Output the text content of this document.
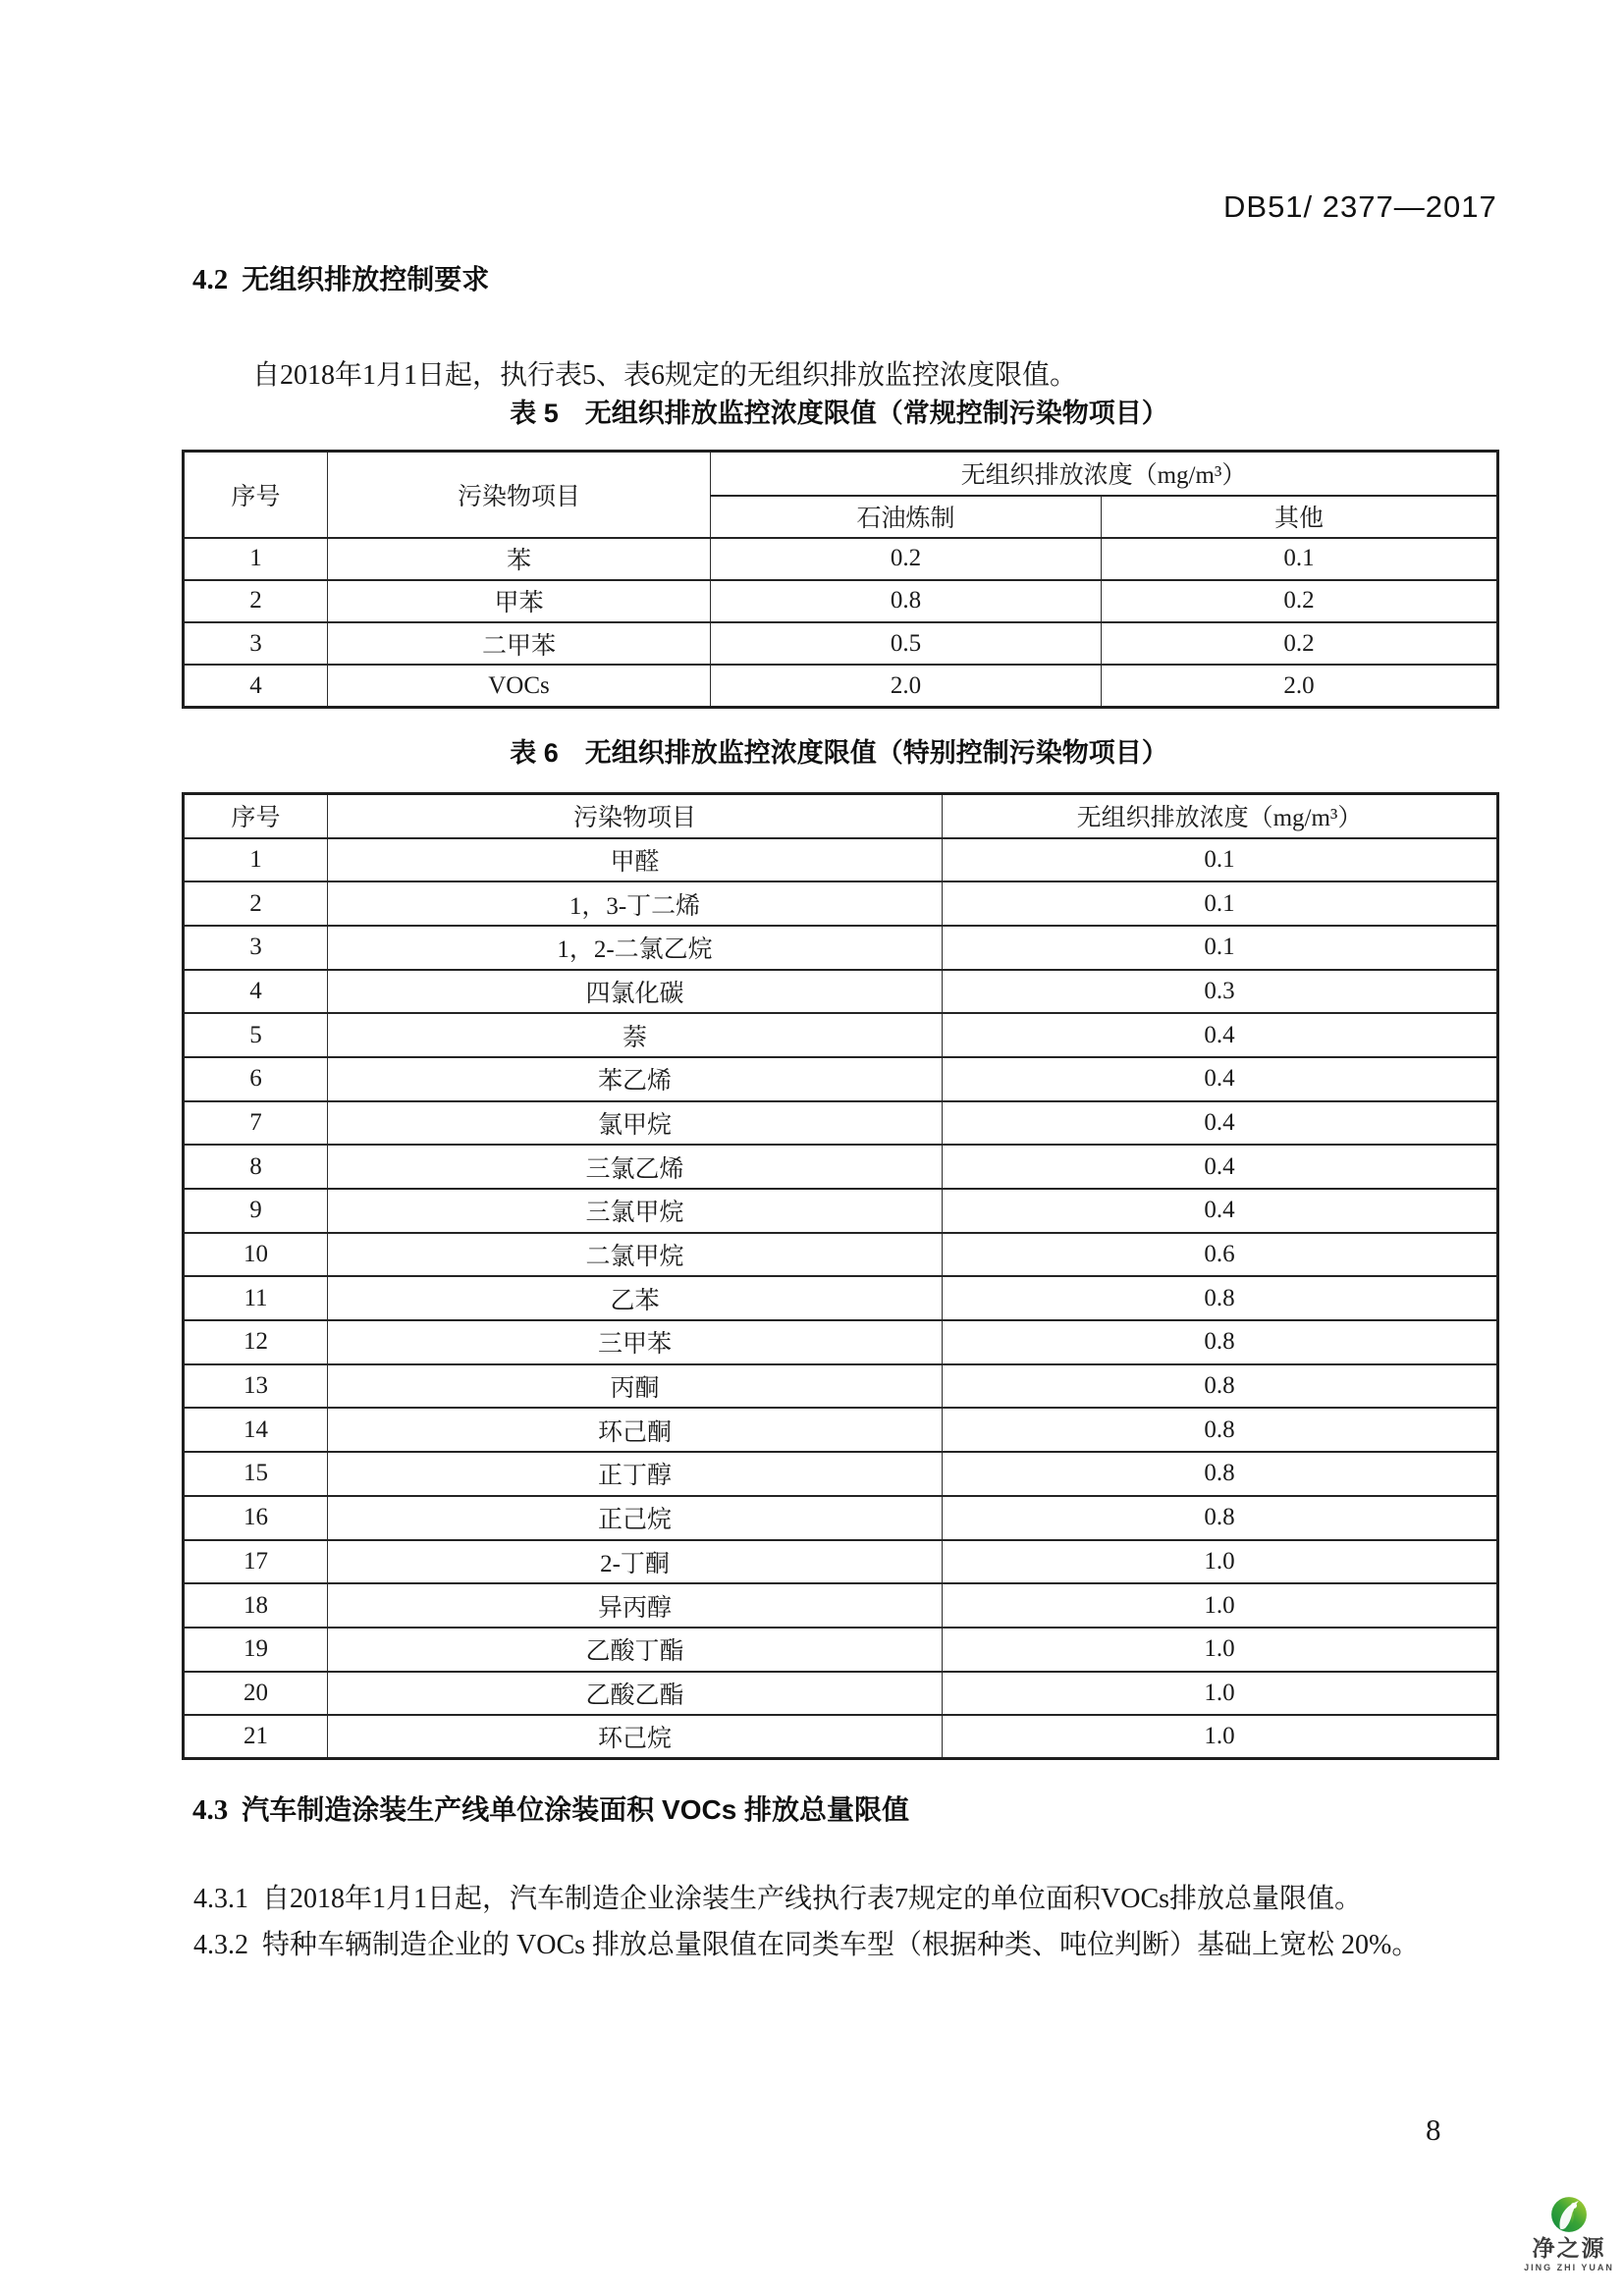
DB51/ 2377—2017
4.2 无组织排放控制要求

自2018年1月1日起，执行表5、表6规定的无组织排放监控浓度限值。

表 5　无组织排放监控浓度限值（常规控制污染物项目）
序号	污染物项目	无组织排放浓度（mg/m³）	
		石油炼制	其他
1	苯	0.2	0.1
2	甲苯	0.8	0.2
3	二甲苯	0.5	0.2
4	VOCs	2.0	2.0
表 6　无组织排放监控浓度限值（特别控制污染物项目）
序号	污染物项目	无组织排放浓度（mg/m³）
1	甲醛	0.1
2	1，3-丁二烯	0.1
3	1，2-二氯乙烷	0.1
4	四氯化碳	0.3
5	萘	0.4
6	苯乙烯	0.4
7	氯甲烷	0.4
8	三氯乙烯	0.4
9	三氯甲烷	0.4
10	二氯甲烷	0.6
11	乙苯	0.8
12	三甲苯	0.8
13	丙酮	0.8
14	环己酮	0.8
15	正丁醇	0.8
16	正己烷	0.8
17	2-丁酮	1.0
18	异丙醇	1.0
19	乙酸丁酯	1.0
20	乙酸乙酯	1.0
21	环己烷	1.0
4.3 汽车制造涂装生产线单位涂装面积 VOCs 排放总量限值

4.3.1 自2018年1月1日起，汽车制造企业涂装生产线执行表7规定的单位面积VOCs排放总量限值。

4.3.2 特种车辆制造企业的 VOCs 排放总量限值在同类车型（根据种类、吨位判断）基础上宽松 20%。

8
净之源
JING ZHI YUAN
